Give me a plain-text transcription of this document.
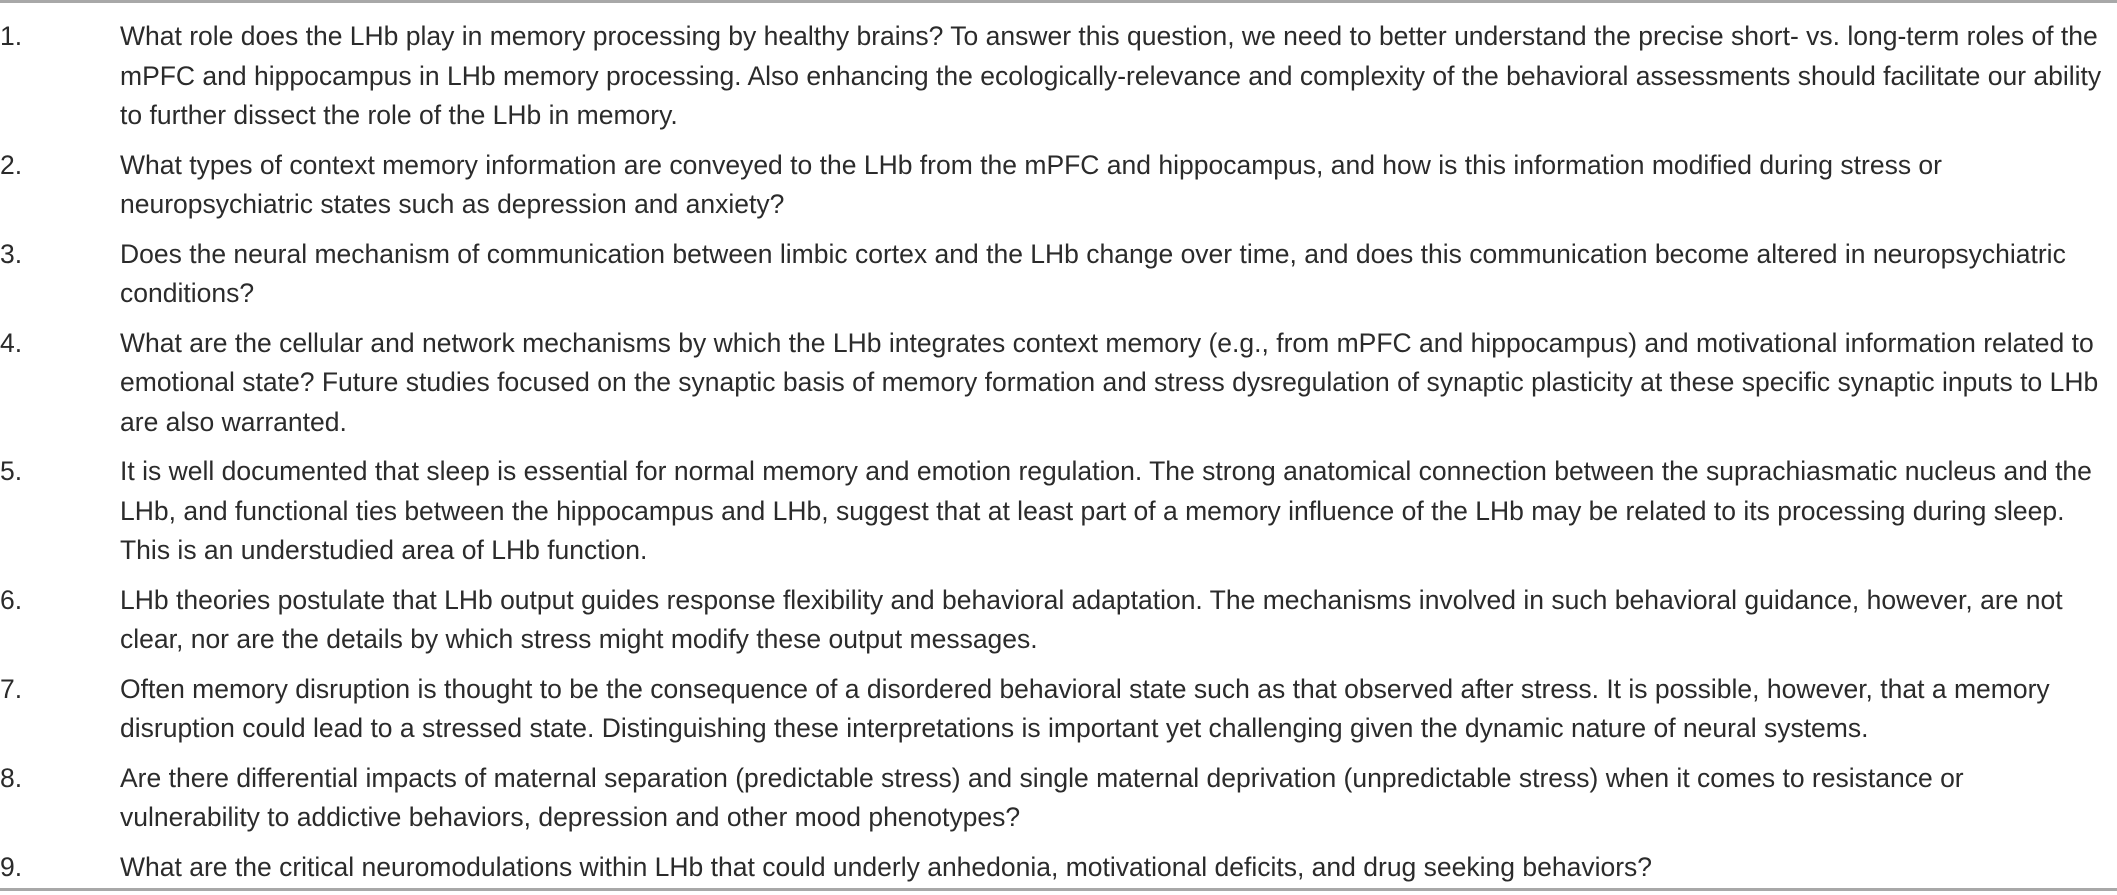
1.	What role does the LHb play in memory processing by healthy brains? To answer this question, we need to better understand the precise short- vs. long-term roles of the mPFC and hippocampus in LHb memory processing. Also enhancing the ecologically-relevance and complexity of the behavioral assessments should facilitate our ability to further dissect the role of the LHb in memory.
2.	What types of context memory information are conveyed to the LHb from the mPFC and hippocampus, and how is this information modified during stress or neuropsychiatric states such as depression and anxiety?
3.	Does the neural mechanism of communication between limbic cortex and the LHb change over time, and does this communication become altered in neuropsychiatric conditions?
4.	What are the cellular and network mechanisms by which the LHb integrates context memory (e.g., from mPFC and hippocampus) and motivational information related to emotional state? Future studies focused on the synaptic basis of memory formation and stress dysregulation of synaptic plasticity at these specific synaptic inputs to LHb are also warranted.
5.	It is well documented that sleep is essential for normal memory and emotion regulation. The strong anatomical connection between the suprachiasmatic nucleus and the LHb, and functional ties between the hippocampus and LHb, suggest that at least part of a memory influence of the LHb may be related to its processing during sleep. This is an understudied area of LHb function.
6.	LHb theories postulate that LHb output guides response flexibility and behavioral adaptation. The mechanisms involved in such behavioral guidance, however, are not clear, nor are the details by which stress might modify these output messages.
7.	Often memory disruption is thought to be the consequence of a disordered behavioral state such as that observed after stress. It is possible, however, that a memory disruption could lead to a stressed state. Distinguishing these interpretations is important yet challenging given the dynamic nature of neural systems.
8.	Are there differential impacts of maternal separation (predictable stress) and single maternal deprivation (unpredictable stress) when it comes to resistance or vulnerability to addictive behaviors, depression and other mood phenotypes?
9.	What are the critical neuromodulations within LHb that could underly anhedonia, motivational deficits, and drug seeking behaviors?
